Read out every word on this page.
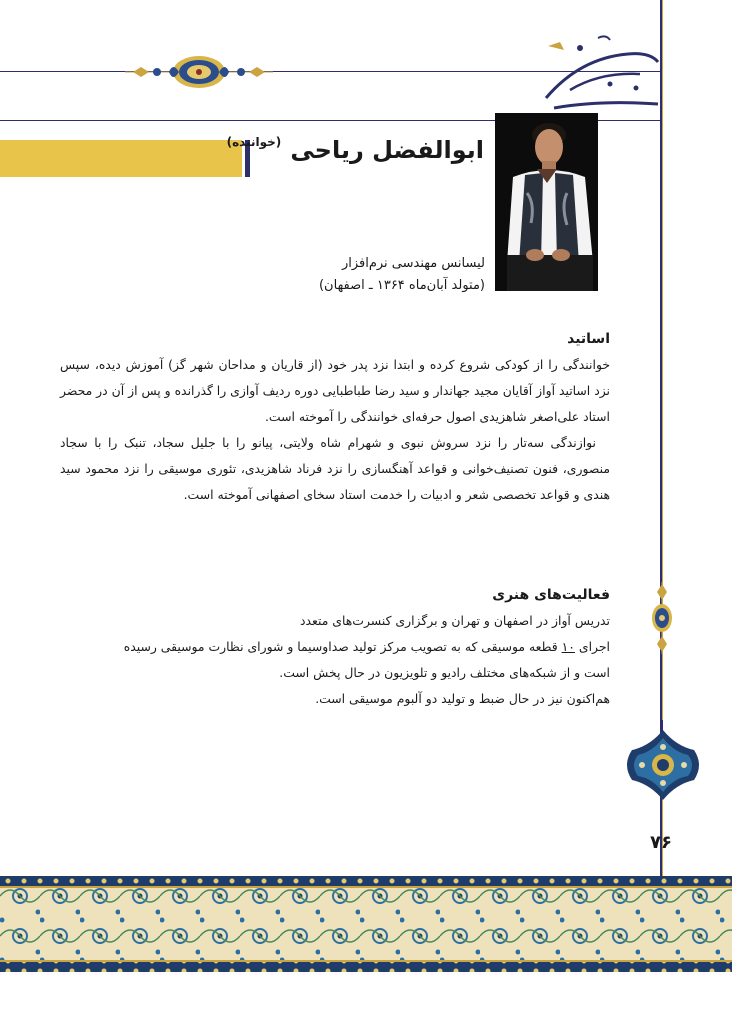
ابوالفضل ریاحی $^{(خواننده)}$
لیسانس مهندسی نرم‌افزار
(متولد آبان‌ماه ۱۳۶۴ ـ اصفهان)
اساتید

خوانندگی را از کودکی شروع کرده و ابتدا نزد پدر خود (از قاریان و مداحان شهر گز) آموزش دیده، سپس نزد اساتید آواز آقایان مجید جهاندار و سید رضا طباطبایی دوره ردیف آوازی را گذرانده و پس از آن در محضر استاد علی‌اصغر شاهزیدی اصول حرفه‌ای خوانندگی را آموخته است.

نوازندگی سه‌تار را نزد سروش نبوی و شهرام شاه ولایتی، پیانو را با جلیل سجاد، تنبک را با سجاد منصوری، فنون تصنیف‌خوانی و قواعد آهنگسازی را نزد فرناد شاهزیدی، تئوری موسیقی را نزد محمود سید هندی و قواعد تخصصی شعر و ادبیات را خدمت استاد سخای اصفهانی آموخته است.

فعالیت‌های هنری
تدریس آواز در اصفهان و تهران و برگزاری کنسرت‌های متعدد
اجرای ۱۰ قطعه موسیقی که به تصویب مرکز تولید صداوسیما و شورای نظارت موسیقی رسیده
است و از شبکه‌های مختلف رادیو و تلویزیون در حال پخش است.
هم‌اکنون نیز در حال ضبط و تولید دو آلبوم موسیقی است.
۷۶
